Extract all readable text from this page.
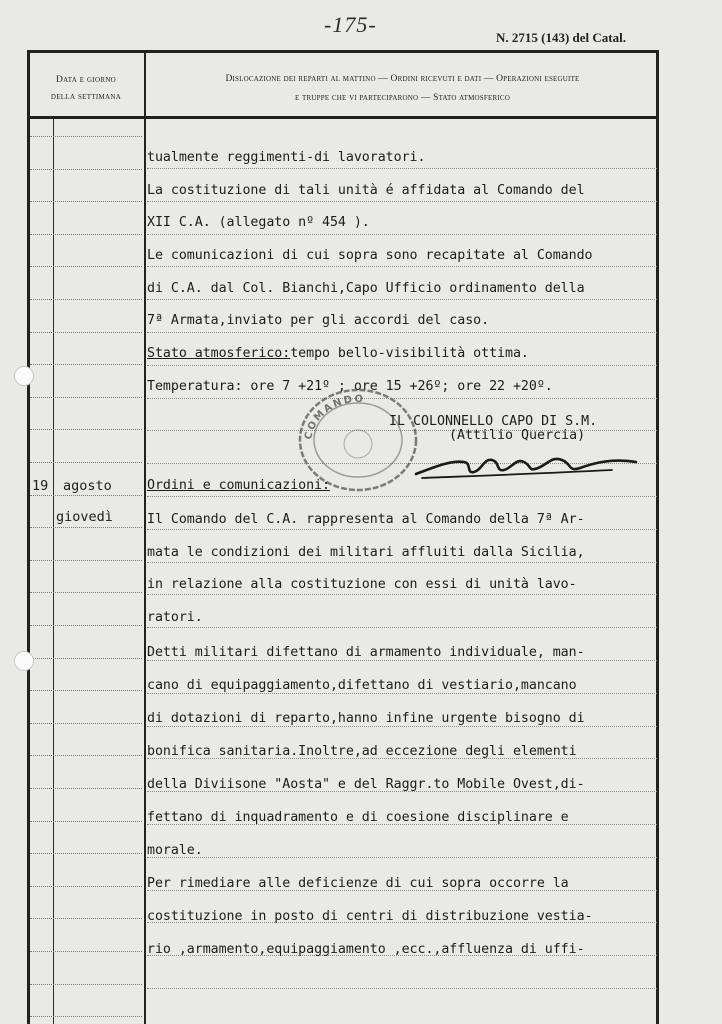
-175-
N. 2715 (143) del Catal.
Data e giorno
della settimana
Dislocazione dei reparti al mattino — Ordini ricevuti e dati — Operazioni eseguite
e truppe che vi parteciparono — Stato atmosferico
19 agosto
giovedì
tualmente reggimenti-di lavoratori.
La costituzione di tali unità é affidata al Comando del
XII C.A. (allegato nº 454 ).
Le comunicazioni di cui sopra sono recapitate al Comando
di C.A. dal Col. Bianchi,Capo Ufficio ordinamento della
7ª Armata,inviato per gli accordi del caso.
Stato atmosferico:tempo bello-visibilità ottima.
Temperatura: ore 7 +21º ; ore 15 +26º; ore 22 +20º.
COMANDO
IL COLONNELLO CAPO DI S.M.
(Attilio Quercia)
Ordini e comunicazioni:
Il Comando del C.A. rappresenta al Comando della 7ª Ar-
mata le condizioni dei militari affluiti dalla Sicilia,
in relazione alla costituzione con essi di unità lavo-
ratori.
Detti militari difettano di armamento individuale, man-
cano di equipaggiamento,difettano di vestiario,mancano
di dotazioni di reparto,hanno infine urgente bisogno di
bonifica sanitaria.Inoltre,ad eccezione degli elementi
della Diviisone "Aosta" e del Raggr.to Mobile Ovest,di-
fettano di inquadramento e di coesione disciplinare e
morale.
Per rimediare alle deficienze di cui sopra occorre la
costituzione in posto di centri di distribuzione vestia-
rio ,armamento,equipaggiamento ,ecc.,affluenza di uffi-
